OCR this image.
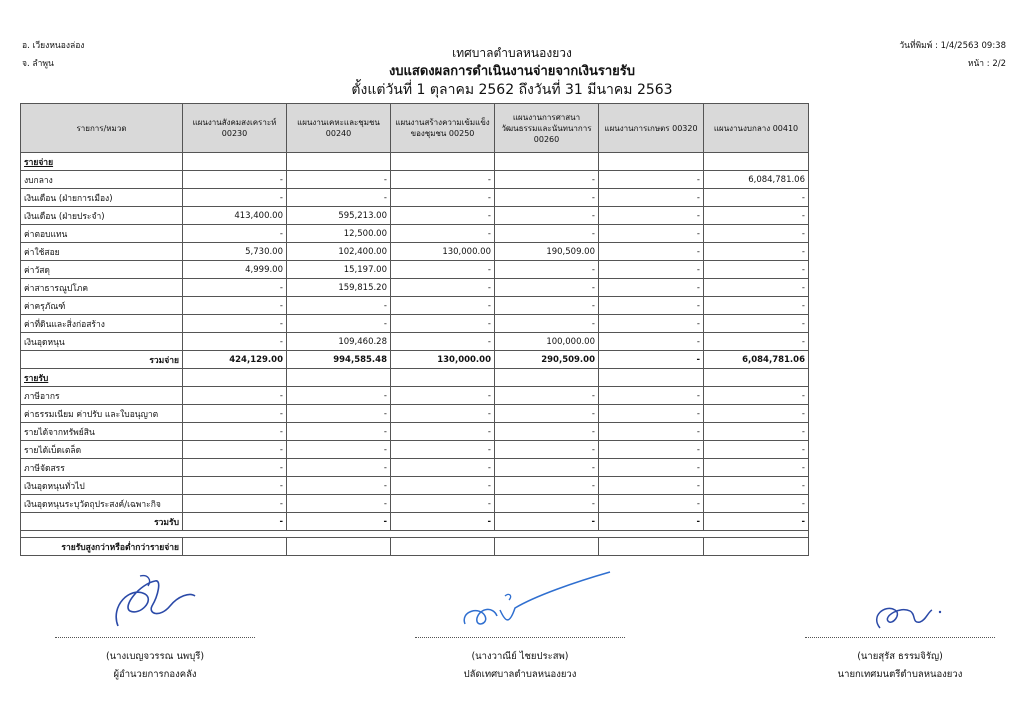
อ. เวียงหนองล่อง
จ. ลำพูน
วันที่พิมพ์ : 1/4/2563 09:38
หน้า : 2/2
เทศบาลตำบลหนองยวง
งบแสดงผลการดำเนินงานจ่ายจากเงินรายรับ
ตั้งแต่วันที่ 1 ตุลาคม 2562 ถึงวันที่ 31 มีนาคม 2563
รายการ/หมวด	แผนงานสังคมสงเคราะห์ 00230	แผนงานเคหะและชุมชน 00240	แผนงานสร้างความเข้มแข็งของชุมชน 00250	แผนงานการศาสนา วัฒนธรรมและนันทนาการ 00260	แผนงานการเกษตร 00320	แผนงานงบกลาง 00410
รายจ่าย						
งบกลาง	-	-	-	-	-	6,084,781.06
เงินเดือน (ฝ่ายการเมือง)	-	-	-	-	-	-
เงินเดือน (ฝ่ายประจำ)	413,400.00	595,213.00	-	-	-	-
ค่าตอบแทน	-	12,500.00	-	-	-	-
ค่าใช้สอย	5,730.00	102,400.00	130,000.00	190,509.00	-	-
ค่าวัสดุ	4,999.00	15,197.00	-	-	-	-
ค่าสาธารณูปโภค	-	159,815.20	-	-	-	-
ค่าครุภัณฑ์	-	-	-	-	-	-
ค่าที่ดินและสิ่งก่อสร้าง	-	-	-	-	-	-
เงินอุดหนุน	-	109,460.28	-	100,000.00	-	-
รวมจ่าย	424,129.00	994,585.48	130,000.00	290,509.00	-	6,084,781.06
รายรับ						
ภาษีอากร	-	-	-	-	-	-
ค่าธรรมเนียม ค่าปรับ และใบอนุญาต	-	-	-	-	-	-
รายได้จากทรัพย์สิน	-	-	-	-	-	-
รายได้เบ็ดเตล็ด	-	-	-	-	-	-
ภาษีจัดสรร	-	-	-	-	-	-
เงินอุดหนุนทั่วไป	-	-	-	-	-	-
เงินอุดหนุนระบุวัตถุประสงค์/เฉพาะกิจ	-	-	-	-	-	-
รวมรับ	-	-	-	-	-	-

รายรับสูงกว่าหรือต่ำกว่ารายจ่าย						
(นางเบญจวรรณ นพบุรี)
ผู้อำนวยการกองคลัง
(นางวาณีย์ ไชยประสพ)
ปลัดเทศบาลตำบลหนองยวง
(นายสุรัส ธรรมจิรัญ)
นายกเทศมนตรีตำบลหนองยวง
